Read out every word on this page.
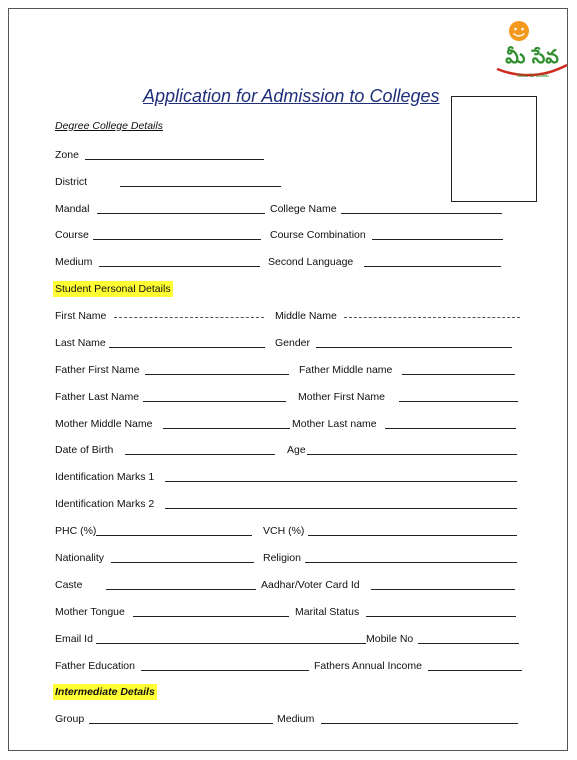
మీ సేవ
సేవలు మీ చెంతకు
Application for Admission to Colleges
Degree College Details
Zone
District
Mandal	College Name
Course	Course Combination
Medium	Second Language
Student Personal Details
First Name	Middle Name
Last Name	Gender
Father First Name	Father Middle name
Father Last Name	Mother First Name
Mother Middle Name	Mother Last name
Date of Birth	Age
Identification Marks 1
Identification Marks 2
PHC (%)	VCH (%)
Nationality	Religion
Caste	Aadhar/Voter Card Id
Mother Tongue	Marital Status
Email Id	Mobile No
Father Education	Fathers Annual Income
Intermediate Details
Group	Medium
